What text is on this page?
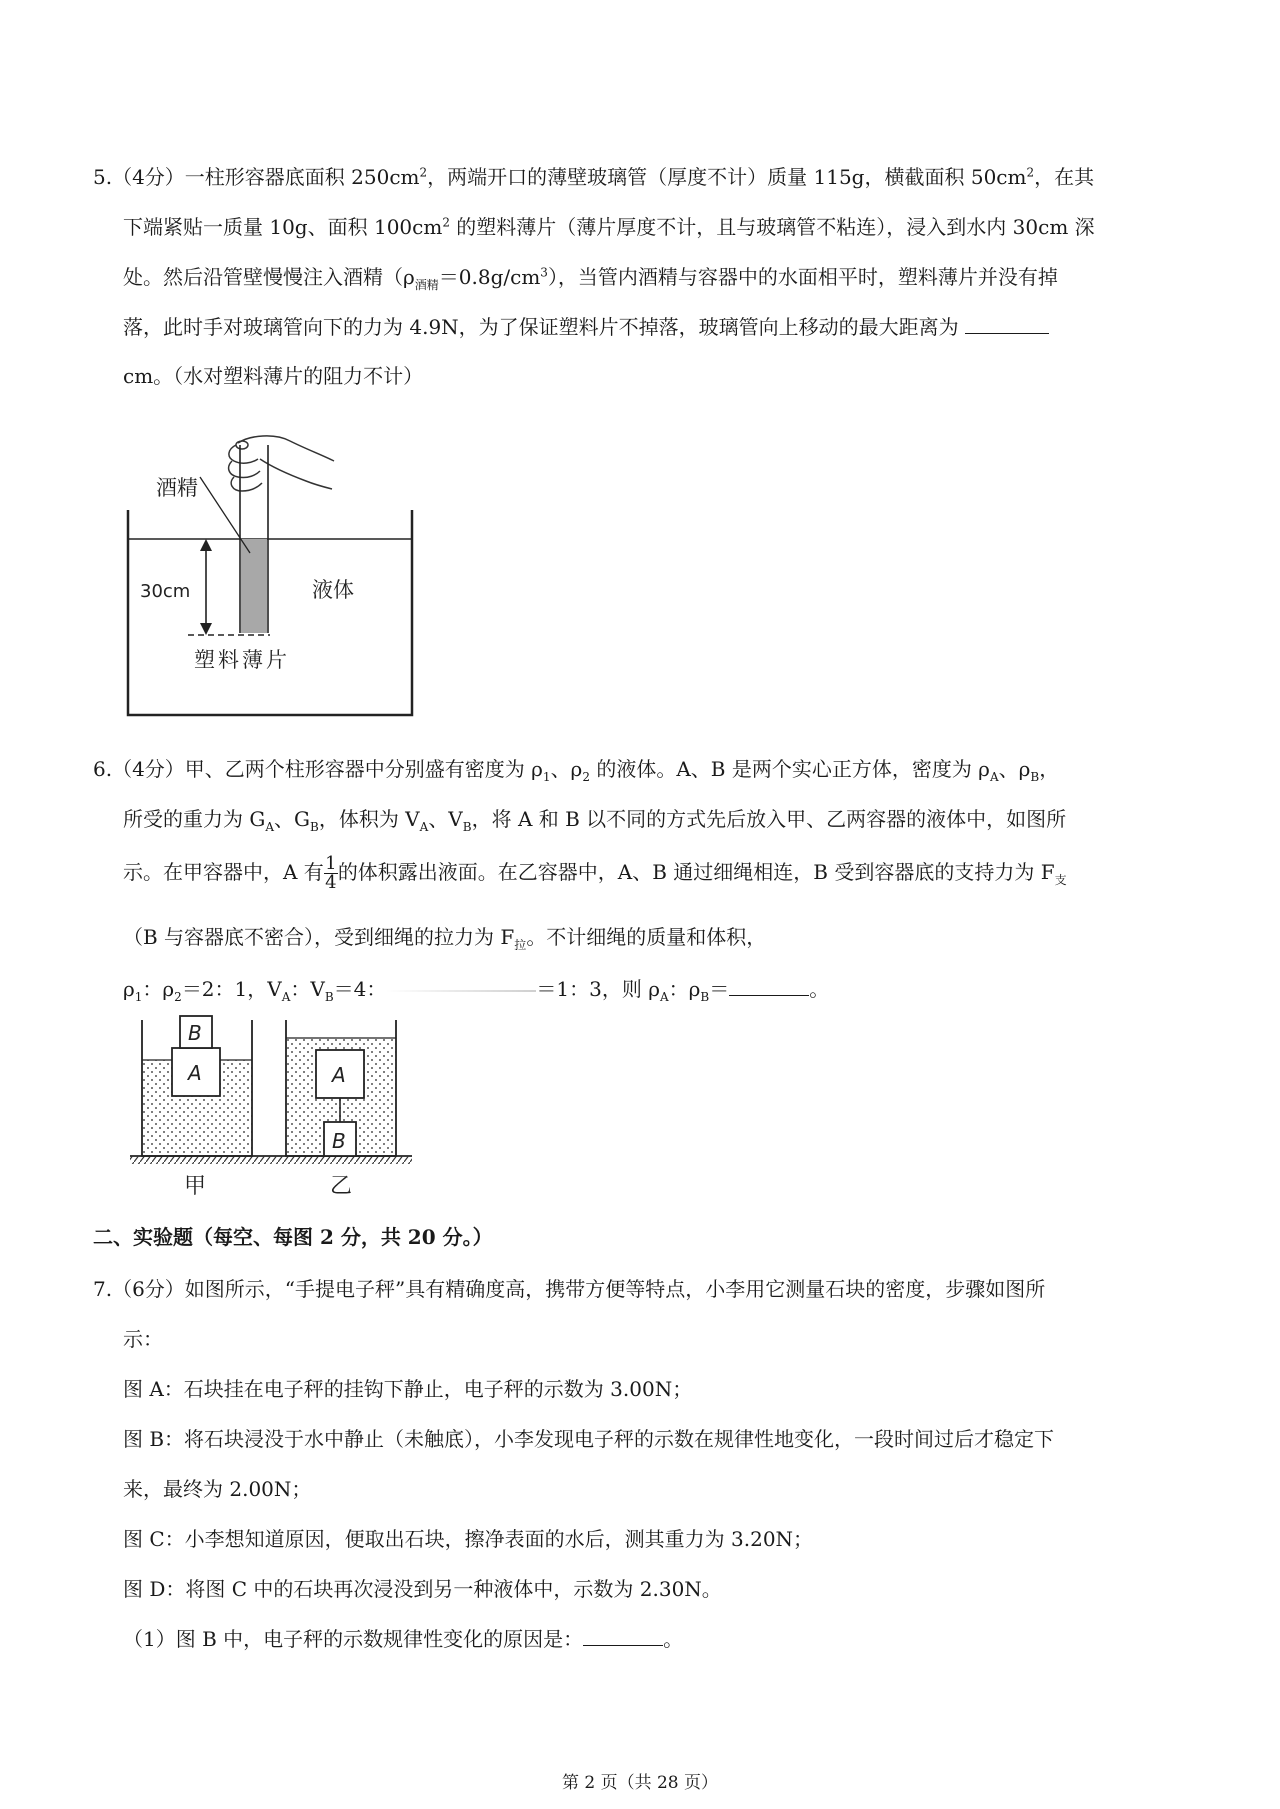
5.（4分）一柱形容器底面积 $250cm^2$，两端开口的薄壁玻璃管（厚度不计）质量 115g，横截面积 $50cm^2$，在其
下端紧贴一质量 10g、面积 $100cm^2$ 的塑料薄片（薄片厚度不计，且与玻璃管不粘连），浸入到水内 30cm 深
处。然后沿管壁慢慢注入酒精$(\rho_{酒精}=0.8g/cm^3)$，当管内酒精与容器中的水面相平时，塑料薄片并没有掉
落，此时手对玻璃管向下的力为 4.9N，为了保证塑料片不掉落，玻璃管向上移动的最大距离为
cm。（水对塑料薄片的阻力不计）
酒精
30cm	液体
塑料薄片
6.（4分）甲、乙两个柱形容器中分别盛有密度为 $\rho_1$、$\rho_2$ 的液体。A、B 是两个实心正方体，密度为 $\rho_A$、$\rho_B$，
所受的重力为 $G_A$、$G_B$，体积为 $V_A$、$V_B$，将 A 和 B 以不同的方式先后放入甲、乙两容器的液体中，如图所
示。在甲容器中，A 有 $\frac{1}{4}$ 的体积露出液面。在乙容器中，A、B 通过细绳相连，B 受到容器底的支持力为 $F_支$
（B 与容器底不密合），受到细绳的拉力为 $F_拉$。不计细绳的质量和体积，
$\rho_1$：$\rho_2=2$：1，$V_A$：$V_B=4$：	＝1：3，则 $\rho_A$：$\rho_B=$	。
A
B
甲
A
B
乙
二、实验题（每空、每图 2 分，共 20 分。）
7.（6分）如图所示，“手提电子秤”具有精确度高，携带方便等特点，小李用它测量石块的密度，步骤如图所
示：
图 A：石块挂在电子秤的挂钩下静止，电子秤的示数为 3.00N；
图 B：将石块浸没于水中静止（未触底），小李发现电子秤的示数在规律性地变化，一段时间过后才稳定下
来，最终为 2.00N；
图 C：小李想知道原因，便取出石块，擦净表面的水后，测其重力为 3.20N；
图 D：将图 C 中的石块再次浸没到另一种液体中，示数为 2.30N。
（1）图 B 中，电子秤的示数规律性变化的原因是：	。
第 2 页（共 28 页）
